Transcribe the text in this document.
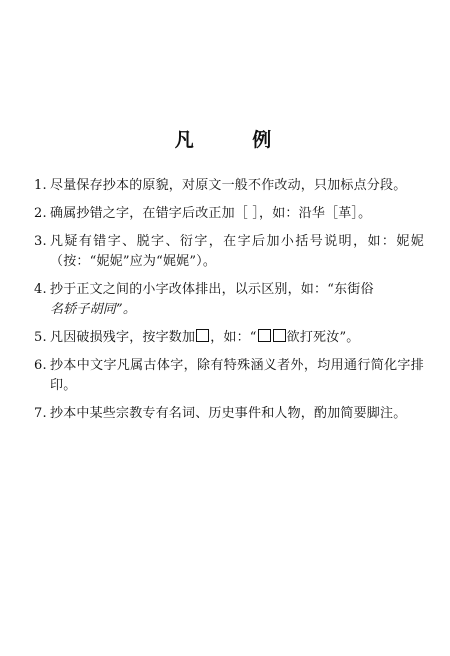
凡 例
1. 尽量保存抄本的原貌，对原文一般不作改动，只加标点分段。
2. 确属抄错之字，在错字后改正加［ ］，如：沿华［革］。
3. 凡疑有错字、脱字、衍字，在字后加小括号说明，如：妮妮（按：“妮妮”应为“娓娓”）。
4. 抄于正文之间的小字改体排出，以示区别，如：“东街俗
名轿子胡同”。
5. 凡因破损残字，按字数加 ，如：“ 欲打死汝”。
6. 抄本中文字凡属古体字，除有特殊涵义者外，均用通行简化字排印。
7. 抄本中某些宗教专有名词、历史事件和人物，酌加简要脚注。
